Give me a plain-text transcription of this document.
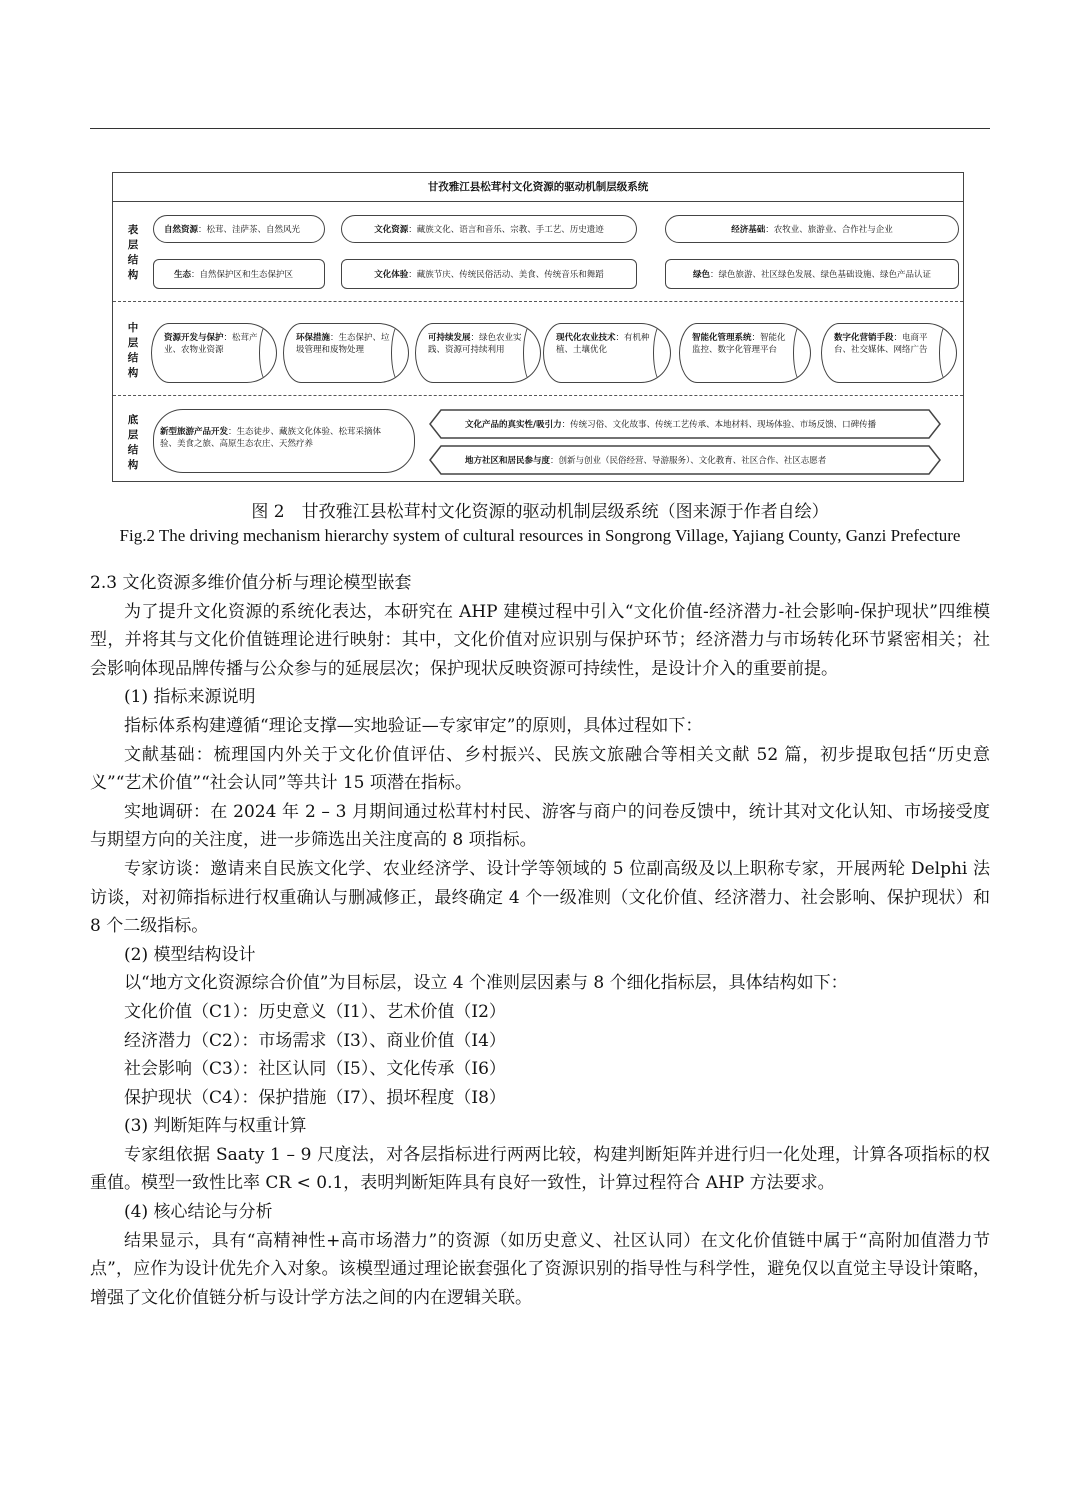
甘孜雅江县松茸村文化资源的驱动机制层级系统
表
层
结
构
自然资源 ：松茸、洼萨茶、自然风光	文化资源 ：藏族文化、语言和音乐、宗教、手工艺、历史遗迹	经济基础 ：农牧业、旅游业、合作社与企业
生态 ：自然保护区和生态保护区	文化体验 ：藏族节庆、传统民俗活动、美食、传统音乐和舞蹈	绿色 ：绿色旅游、社区绿色发展、绿色基础设施、绿色产品认证
中
层
结
构
资源开发与保护：松茸产业、农物业资源
环保措施：生态保护、垃圾管理和废物处理
可持续发展：绿色农业实践、资源可持续利用
现代化农业技术：有机种植、土壤优化
智能化管理系统：智能化监控、数字化管理平台
数字化营销手段：电商平台、社交媒体、网络广告
底
层
结
构
新型旅游产品开发：生态徒步、藏族文化体验、松茸采摘体验、美食之旅、高原生态农庄、天然疗养
文化产品的真实性/吸引力：传统习俗、文化故事、传统工艺传承、本地材料、现场体验、市场反馈、口碑传播
地方社区和居民参与度：创新与创业（民俗经营、导游服务）、文化教育、社区合作、社区志愿者
图 2　甘孜雅江县松茸村文化资源的驱动机制层级系统（图来源于作者自绘）
Fig.2 The driving mechanism hierarchy system of cultural resources in Songrong Village, Yajiang County, Ganzi Prefecture

2.3 文化资源多维价值分析与理论模型嵌套

为了提升文化资源的系统化表达，本研究在 AHP 建模过程中引入“文化价值-经济潜力-社会影响-保护现状”四维模型，并将其与文化价值链理论进行映射：其中，文化价值对应识别与保护环节；经济潜力与市场转化环节紧密相关；社会影响体现品牌传播与公众参与的延展层次；保护现状反映资源可持续性，是设计介入的重要前提。

(1) 指标来源说明

指标体系构建遵循“理论支撑—实地验证—专家审定”的原则，具体过程如下：

文献基础：梳理国内外关于文化价值评估、乡村振兴、民族文旅融合等相关文献 52 篇，初步提取包括“历史意义”“艺术价值”“社会认同”等共计 15 项潜在指标。

实地调研：在 2024 年 2 – 3 月期间通过松茸村村民、游客与商户的问卷反馈中，统计其对文化认知、市场接受度与期望方向的关注度，进一步筛选出关注度高的 8 项指标。

专家访谈：邀请来自民族文化学、农业经济学、设计学等领域的 5 位副高级及以上职称专家，开展两轮 Delphi 法访谈，对初筛指标进行权重确认与删减修正，最终确定 4 个一级准则（文化价值、经济潜力、社会影响、保护现状）和 8 个二级指标。

(2) 模型结构设计

以“地方文化资源综合价值”为目标层，设立 4 个准则层因素与 8 个细化指标层，具体结构如下：

文化价值（C1）：历史意义（I1）、艺术价值（I2）

经济潜力（C2）：市场需求（I3）、商业价值（I4）

社会影响（C3）：社区认同（I5）、文化传承（I6）

保护现状（C4）：保护措施（I7）、损坏程度（I8）

(3) 判断矩阵与权重计算

专家组依据 Saaty 1 – 9 尺度法，对各层指标进行两两比较，构建判断矩阵并进行归一化处理，计算各项指标的权重值。模型一致性比率 CR < 0.1，表明判断矩阵具有良好一致性，计算过程符合 AHP 方法要求。

(4) 核心结论与分析

结果显示，具有“高精神性+高市场潜力”的资源（如历史意义、社区认同）在文化价值链中属于“高附加值潜力节点”，应作为设计优先介入对象。该模型通过理论嵌套强化了资源识别的指导性与科学性，避免仅以直觉主导设计策略，增强了文化价值链分析与设计学方法之间的内在逻辑关联。
